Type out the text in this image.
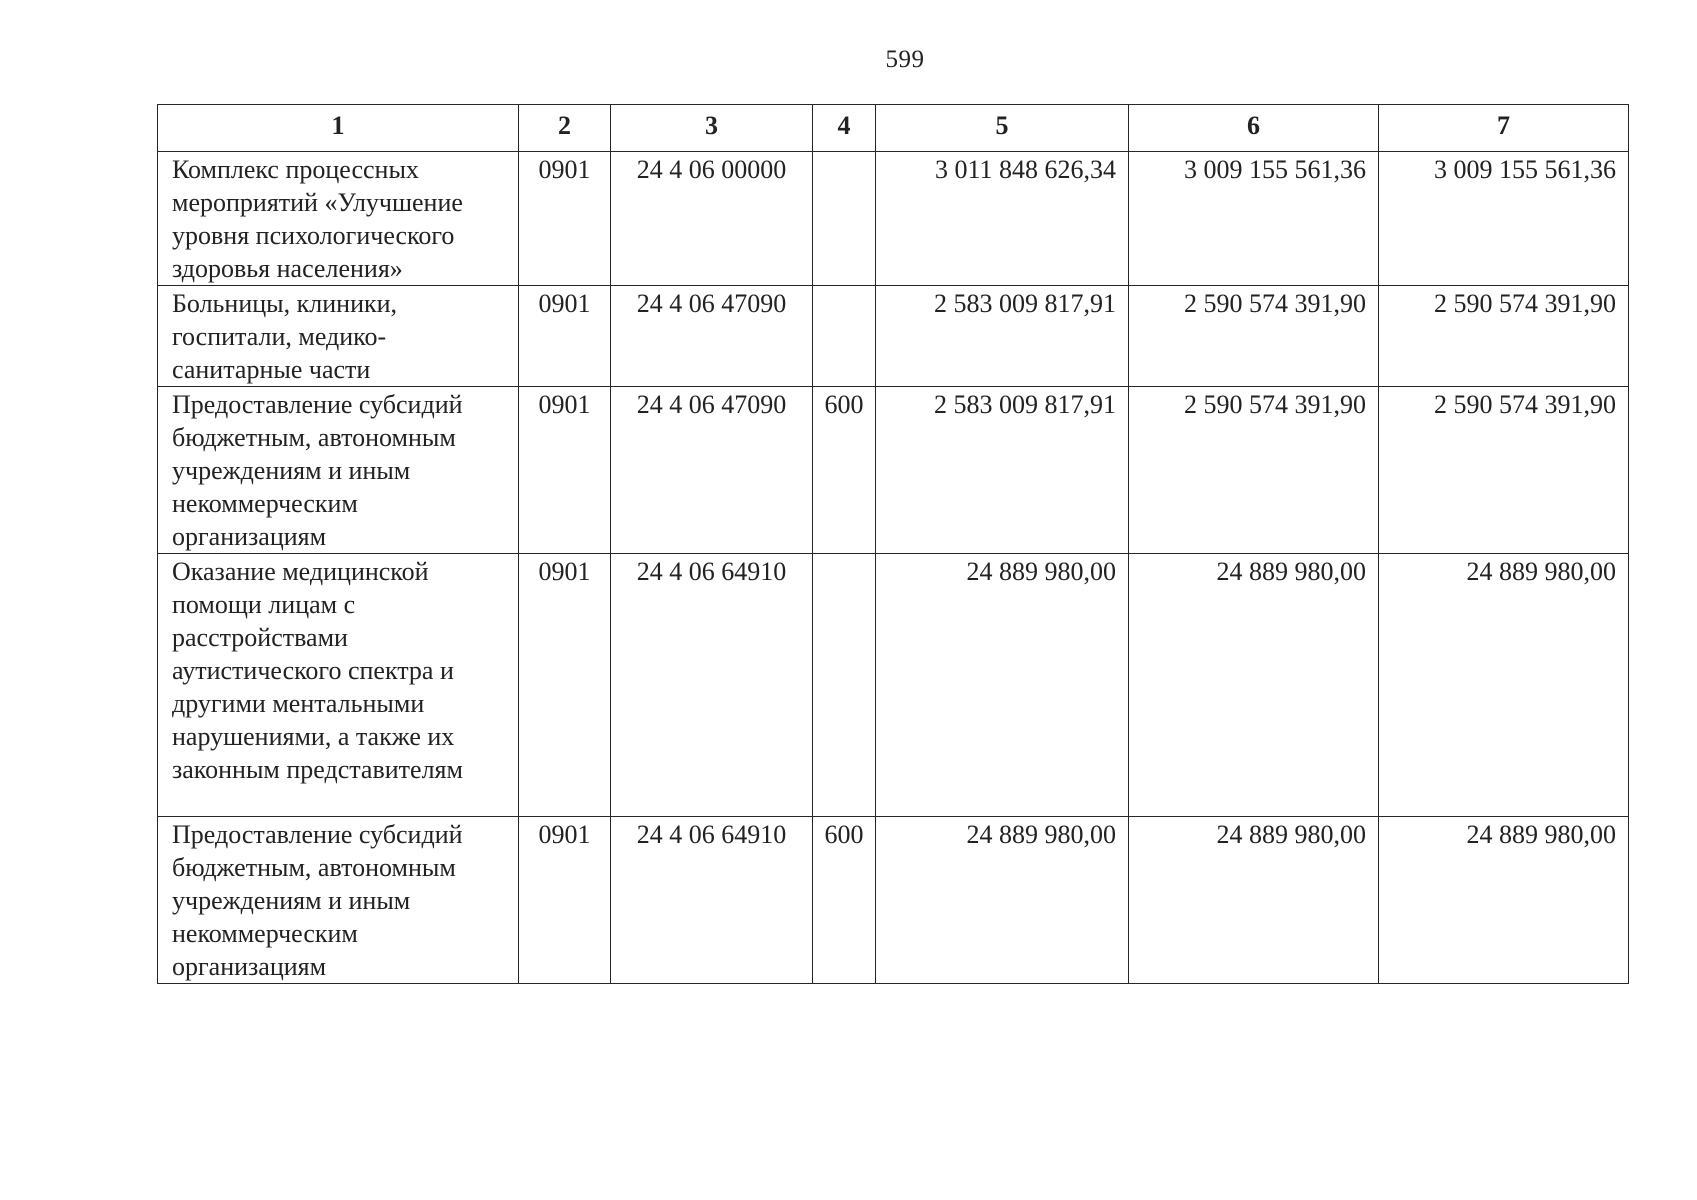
599
1	2	3	4	5	6	7
Комплекс процессных мероприятий «Улучшение уровня психологического здоровья населения»	0901	24 4 06 00000		3 011 848 626,34	3 009 155 561,36	3 009 155 561,36
Больницы, клиники, госпитали, медико-санитарные части	0901	24 4 06 47090		2 583 009 817,91	2 590 574 391,90	2 590 574 391,90
Предоставление субсидий бюджетным, автономным учреждениям и иным некоммерческим организациям	0901	24 4 06 47090	600	2 583 009 817,91	2 590 574 391,90	2 590 574 391,90
Оказание медицинской помощи лицам с расстройствами аутистического спектра и другими ментальными нарушениями, а также их законным представителям	0901	24 4 06 64910		24 889 980,00	24 889 980,00	24 889 980,00
Предоставление субсидий бюджетным, автономным учреждениям и иным некоммерческим организациям	0901	24 4 06 64910	600	24 889 980,00	24 889 980,00	24 889 980,00
